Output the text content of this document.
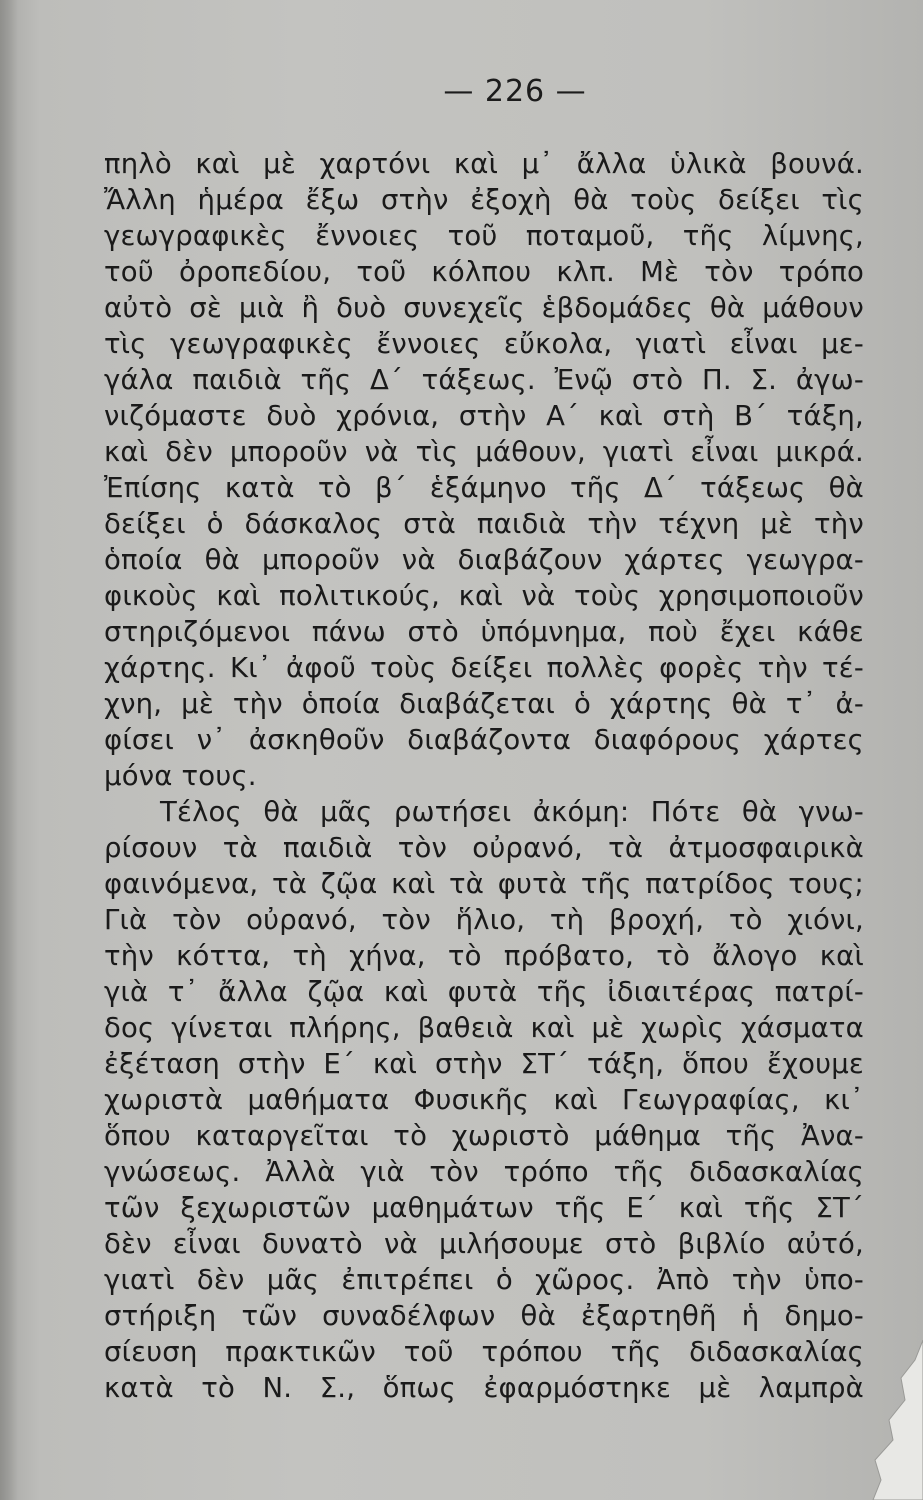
— 226 —
πηλὸ καὶ μὲ χαρτόνι καὶ μ᾽ ἄλλα ὑλικὰ βουνά.
Ἄλλη ἡμέρα ἔξω στὴν ἐξοχὴ θὰ τοὺς δείξει τὶς
γεωγραφικὲς ἔννοιες τοῦ ποταμοῦ, τῆς λίμνης,
τοῦ ὀροπεδίου, τοῦ κόλπου κλπ. Μὲ τὸν τρόπο
αὐτὸ σὲ μιὰ ἢ δυὸ συνεχεῖς ἑβδομάδες θὰ μάθουν
τὶς γεωγραφικὲς ἔννοιες εὔκολα, γιατὶ εἶναι με-
γάλα παιδιὰ τῆς Δ΄ τάξεως. Ἐνῷ στὸ Π. Σ. ἀγω-
νιζόμαστε δυὸ χρόνια, στὴν Α΄ καὶ στὴ Β΄ τάξη,
καὶ δὲν μποροῦν νὰ τὶς μάθουν, γιατὶ εἶναι μικρά.
Ἐπίσης κατὰ τὸ β΄ ἑξάμηνο τῆς Δ΄ τάξεως θὰ
δείξει ὁ δάσκαλος στὰ παιδιὰ τὴν τέχνη μὲ τὴν
ὁποία θὰ μποροῦν νὰ διαβάζουν χάρτες γεωγρα-
φικοὺς καὶ πολιτικούς, καὶ νὰ τοὺς χρησιμοποιοῦν
στηριζόμενοι πάνω στὸ ὑπόμνημα, ποὺ ἔχει κάθε
χάρτης. Κι᾽ ἀφοῦ τοὺς δείξει πολλὲς φορὲς τὴν τέ-
χνη, μὲ τὴν ὁποία διαβάζεται ὁ χάρτης θὰ τ᾽ ἀ-
φίσει ν᾽ ἀσκηθοῦν διαβάζοντα διαφόρους χάρτες
μόνα τους.
Τέλος θὰ μᾶς ρωτήσει ἀκόμη: Πότε θὰ γνω-
ρίσουν τὰ παιδιὰ τὸν οὐρανό, τὰ ἀτμοσφαιρικὰ
φαινόμενα, τὰ ζῷα καὶ τὰ φυτὰ τῆς πατρίδος τους;
Γιὰ τὸν οὐρανό, τὸν ἥλιο, τὴ βροχή, τὸ χιόνι,
τὴν κόττα, τὴ χήνα, τὸ πρόβατο, τὸ ἄλογο καὶ
γιὰ τ᾽ ἄλλα ζῷα καὶ φυτὰ τῆς ἰδιαιτέρας πατρί-
δος γίνεται πλήρης, βαθειὰ καὶ μὲ χωρὶς χάσματα
ἐξέταση στὴν Ε΄ καὶ στὴν ΣΤ΄ τάξη, ὅπου ἔχουμε
χωριστὰ μαθήματα Φυσικῆς καὶ Γεωγραφίας, κι᾽
ὅπου καταργεῖται τὸ χωριστὸ μάθημα τῆς Ἀνα-
γνώσεως. Ἀλλὰ γιὰ τὸν τρόπο τῆς διδασκαλίας
τῶν ξεχωριστῶν μαθημάτων τῆς Ε΄ καὶ τῆς ΣΤ΄
δὲν εἶναι δυνατὸ νὰ μιλήσουμε στὸ βιβλίο αὐτό,
γιατὶ δὲν μᾶς ἐπιτρέπει ὁ χῶρος. Ἀπὸ τὴν ὑπο-
στήριξη τῶν συναδέλφων θὰ ἐξαρτηθῆ ἡ δημο-
σίευση πρακτικῶν τοῦ τρόπου τῆς διδασκαλίας
κατὰ τὸ Ν. Σ., ὅπως ἐφαρμόστηκε μὲ λαμπρὰ
